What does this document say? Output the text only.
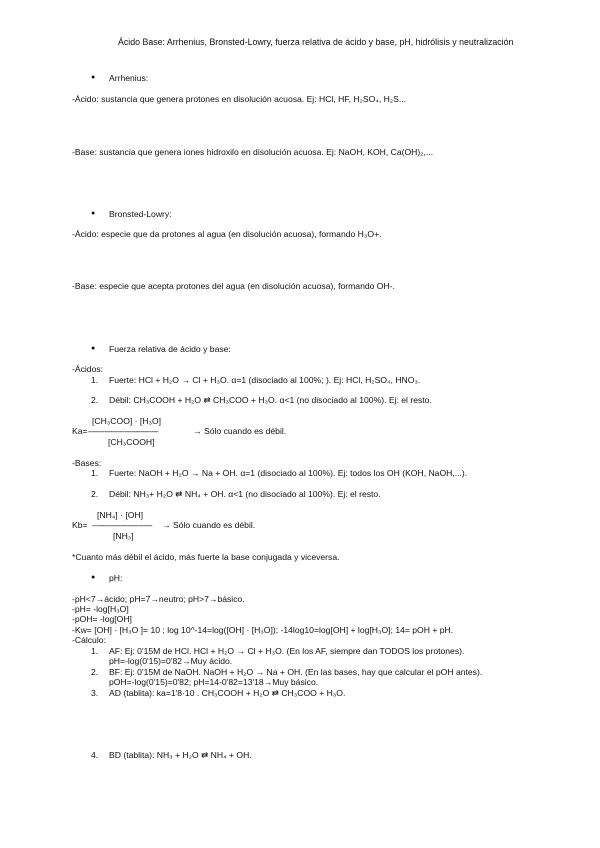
Ácido Base: Arrhenius, Bronsted-Lowry, fuerza relativa de ácido y base, pH, hidrólisis y neutralización
● Arrhenius:
-Ácido: sustancia que genera protones en disolución acuosa. Ej: HCl, HF, H₂SO₄, H₂S...
-Base: sustancia que genera iones hidroxilo en disolución acuosa. Ej: NaOH, KOH, Ca(OH)₂,...
● Bronsted-Lowry:
-Ácido: especie que da protones al agua (en disolución acuosa), formando H₃O+.
-Base: especie que acepta protones del agua (en disolución acuosa), formando OH-.
● Fuerza relativa de ácido y base:
-Ácidos:
1. Fuerte: HCl + H₂O → Cl + H₃O. α=1 (disociado al 100%; ). Ej: HCl, H₂SO₄, HNO₃.
2. Débil: CH₃COOH + H₂O ⇄ CH₃COO + H₃O. α<1 (no disociado al 100%). Ej: el resto.
[CH₃COO] · [H₃O]
Ka= -------------------------------	→ Sólo cuando es débil.
[CH₃COOH]
-Bases:
1. Fuerte: NaOH + H₂O → Na + OH. α=1 (disociado al 100%). Ej: todos los OH (KOH, NaOH,...).
2. Débil: NH₃+ H₂O ⇄ NH₄ + OH. α<1 (no disociado al 100%). Ej: el resto.
[NH₄] · [OH]
Kb= —----------------------- → Sólo cuando es débil.
[NH₃]
*Cuanto más débil el ácido, más fuerte la base conjugada y viceversa.
● pH:
-pH<7→ácido; pH=7→neutro; pH>7→básico.
-pH= -log[H₃O]
-pOH= -log[OH]
-Kw= [OH] · [H₃O ]= 10 ; log 10^-14=log([OH] · [H₃O]); -14log10=log[OH] + log[H₃O]; 14= pOH + pH.
-Cálculo:
1. AF: Ej: 0'15M de HCl. HCl + H₂O → Cl + H₃O. (En los AF, siempre dan TODOS los protones).
pH=-log(0'15)=0'82→Muy ácido.
2. BF: Ej: 0'15M de NaOH. NaOH + H₂O → Na + OH. (En las bases, hay que calcular el pOH antes).
pOH=-log(0'15)=0'82; pH=14-0'82=13'18→Muy básico.
3. AD (tablita): ka=1'8·10 . CH₃COOH + H₂O ⇄ CH₃COO + H₃O.
4. BD (tablita): NH₃ + H₂O ⇄ NH₄ + OH.
